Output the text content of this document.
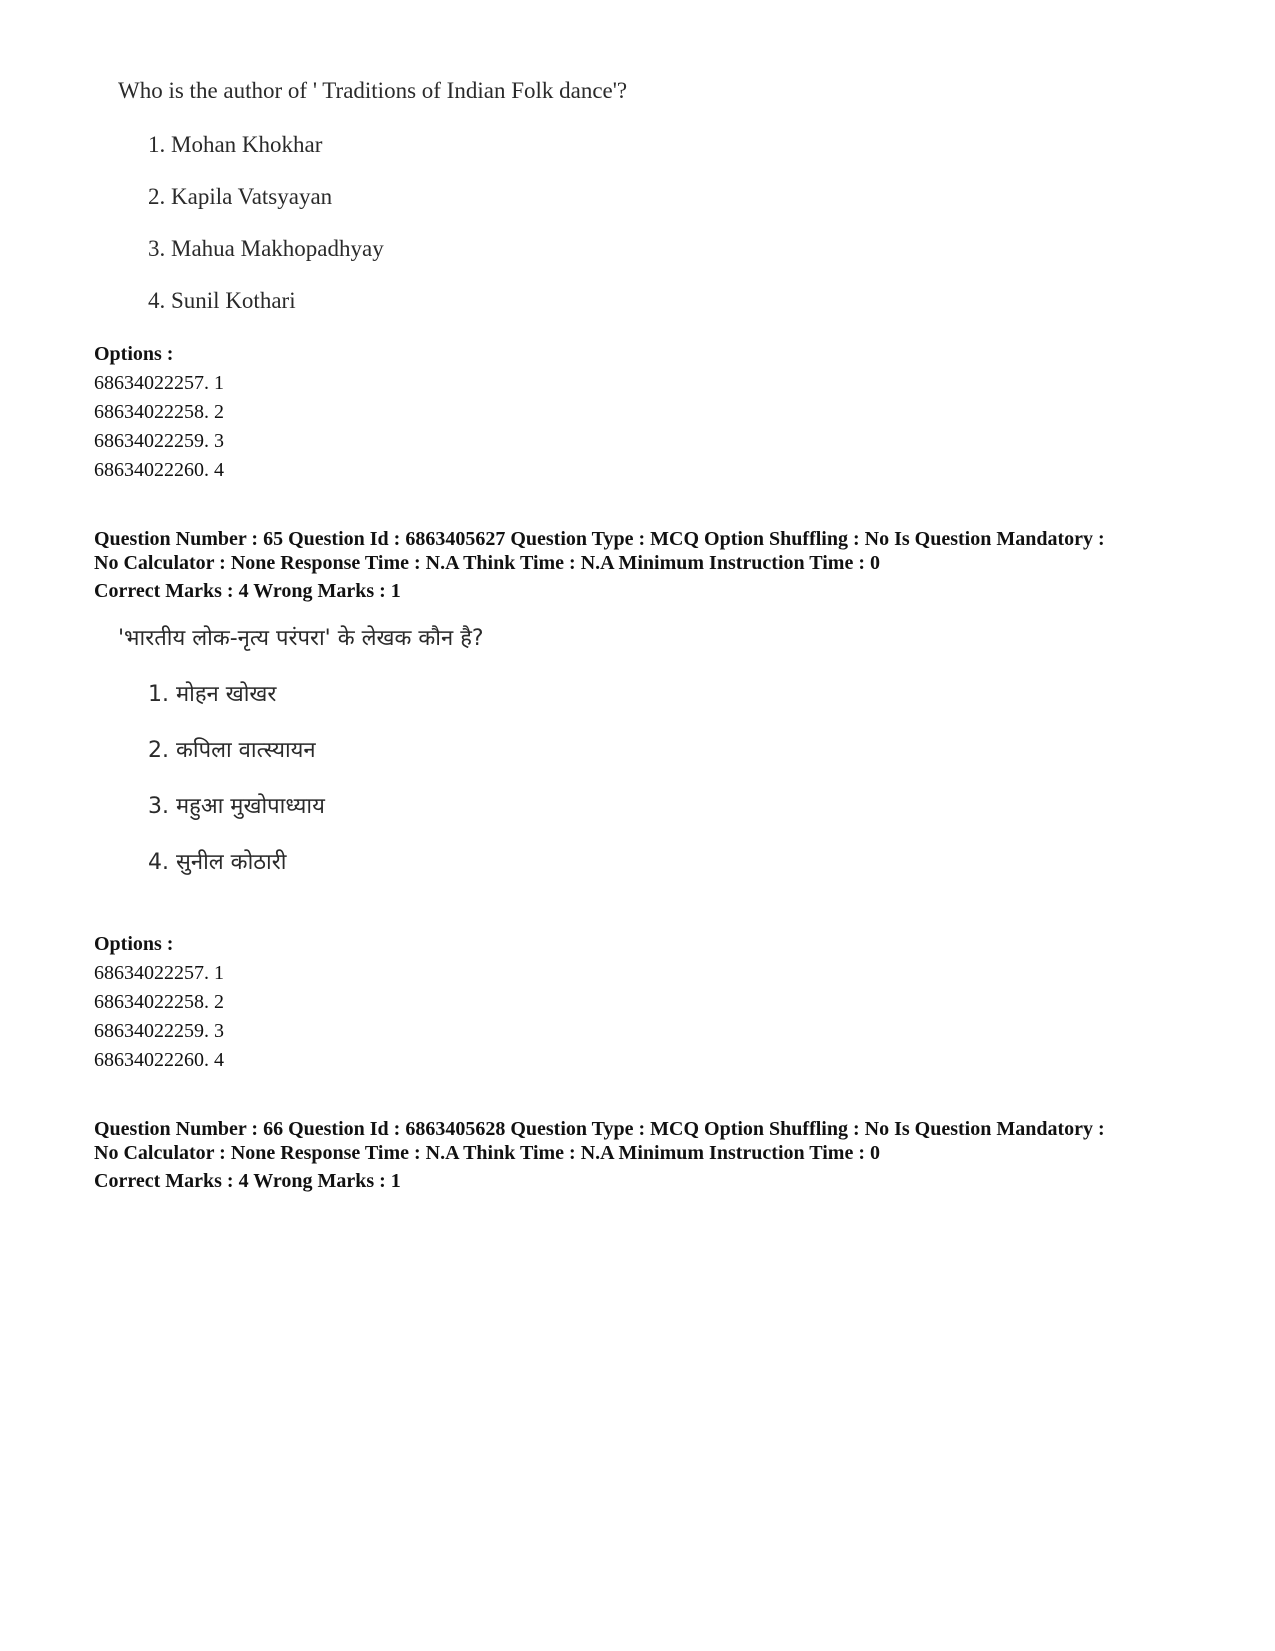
Who is the author of ' Traditions of Indian Folk dance'?

1. Mohan Khokhar

2. Kapila Vatsyayan

3. Mahua Makhopadhyay

4. Sunil Kothari

Options :
68634022257. 1
68634022258. 2
68634022259. 3
68634022260. 4
Question Number : 65 Question Id : 6863405627 Question Type : MCQ Option Shuffling : No Is Question Mandatory :
No Calculator : None Response Time : N.A Think Time : N.A Minimum Instruction Time : 0
Correct Marks : 4 Wrong Marks : 1

'भारतीय लोक-नृत्य परंपरा' के लेखक कौन है?

1. मोहन खोखर

2. कपिला वात्स्यायन

3. महुआ मुखोपाध्याय

4. सुनील कोठारी

Options :
68634022257. 1
68634022258. 2
68634022259. 3
68634022260. 4
Question Number : 66 Question Id : 6863405628 Question Type : MCQ Option Shuffling : No Is Question Mandatory :
No Calculator : None Response Time : N.A Think Time : N.A Minimum Instruction Time : 0
Correct Marks : 4 Wrong Marks : 1
